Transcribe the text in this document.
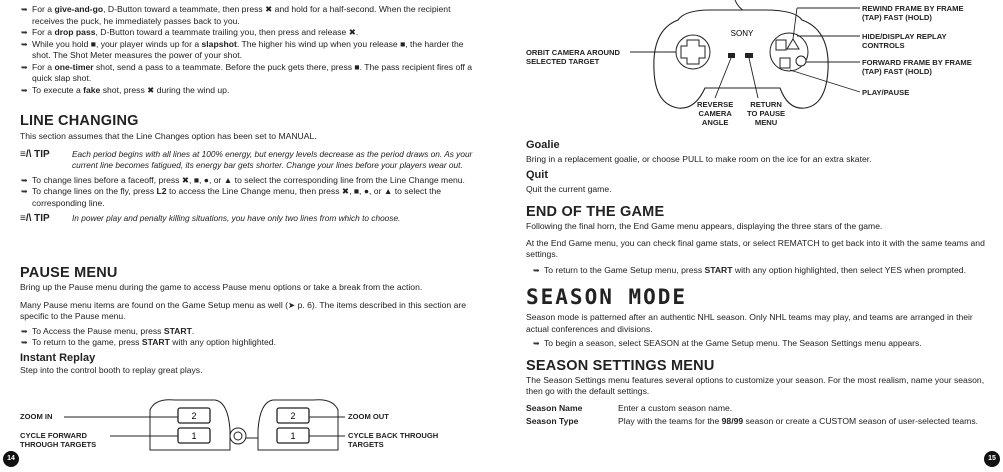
➥ For a give-and-go, D-Button toward a teammate, then press ✖ and hold for a half-second. When the recipient receives the puck, he immediately passes back to you.

➥ For a drop pass, D-Button toward a teammate trailing you, then press and release ✖.

➥ While you hold ■, your player winds up for a slapshot. The higher his wind up when you release ■, the harder the shot. The Shot Meter measures the power of your shot.

➥ For a one-timer shot, send a pass to a teammate. Before the puck gets there, press ■. The pass recipient fires off a quick slap shot.

➥ To execute a fake shot, press ✖ during the wind up.

LINE CHANGING

This section assumes that the Line Changes option has been set to MANUAL.
≡/\ TIP	Each period begins with all lines at 100% energy, but energy levels decrease as the period draws on. As your current line becomes fatigued, its energy bar gets shorter. Change your lines before your players wear out.

➥ To change lines before a faceoff, press ✖, ■, ●, or ▲ to select the corresponding line from the Line Change menu.

➥ To change lines on the fly, press L2 to access the Line Change menu, then press ✖, ■, ●, or ▲ to select the corresponding line.

≡/\ TIP	In power play and penalty killing situations, you have only two lines from which to choose.

PAUSE MENU

Bring up the Pause menu during the game to access Pause menu options or take a break from the action.
Many Pause menu items are found on the Game Setup menu as well (➤ p. 6). The items described in this section are specific to the Pause menu.

➥ To Access the Pause menu, press START.

➥ To return to the game, press START with any option highlighted.

Instant Replay

Step into the control booth to replay great plays.
2
1
2
1
ZOOM IN
CYCLE FORWARD
THROUGH TARGETS
ZOOM OUT
CYCLE BACK THROUGH
TARGETS
14
SONY
ORBIT CAMERA AROUND
SELECTED TARGET
REWIND FRAME BY FRAME
(TAP) FAST (HOLD)
HIDE/DISPLAY REPLAY
CONTROLS
FORWARD FRAME BY FRAME
(TAP) FAST (HOLD)
PLAY/PAUSE
REVERSE
CAMERA
ANGLE
RETURN
TO PAUSE
MENU

Goalie

Bring in a replacement goalie, or choose PULL to make room on the ice for an extra skater.

Quit

Quit the current game.

END OF THE GAME

Following the final horn, the End Game menu appears, displaying the three stars of the game.
At the End Game menu, you can check final game stats, or select REMATCH to get back into it with the same teams and settings.

➥ To return to the Game Setup menu, press START with any option highlighted, then select YES when prompted.

SEASON MODE

Season mode is patterned after an authentic NHL season. Only NHL teams may play, and teams are arranged in their actual conferences and divisions.

➥ To begin a season, select SEASON at the Game Setup menu. The Season Settings menu appears.

SEASON SETTINGS MENU

The Season Settings menu features several options to customize your season. For the most realism, name your season, then go with the default settings.
Season Name	Enter a custom season name.
Season Type	Play with the teams for the 98/99 season or create a CUSTOM season of user-selected teams.
15
